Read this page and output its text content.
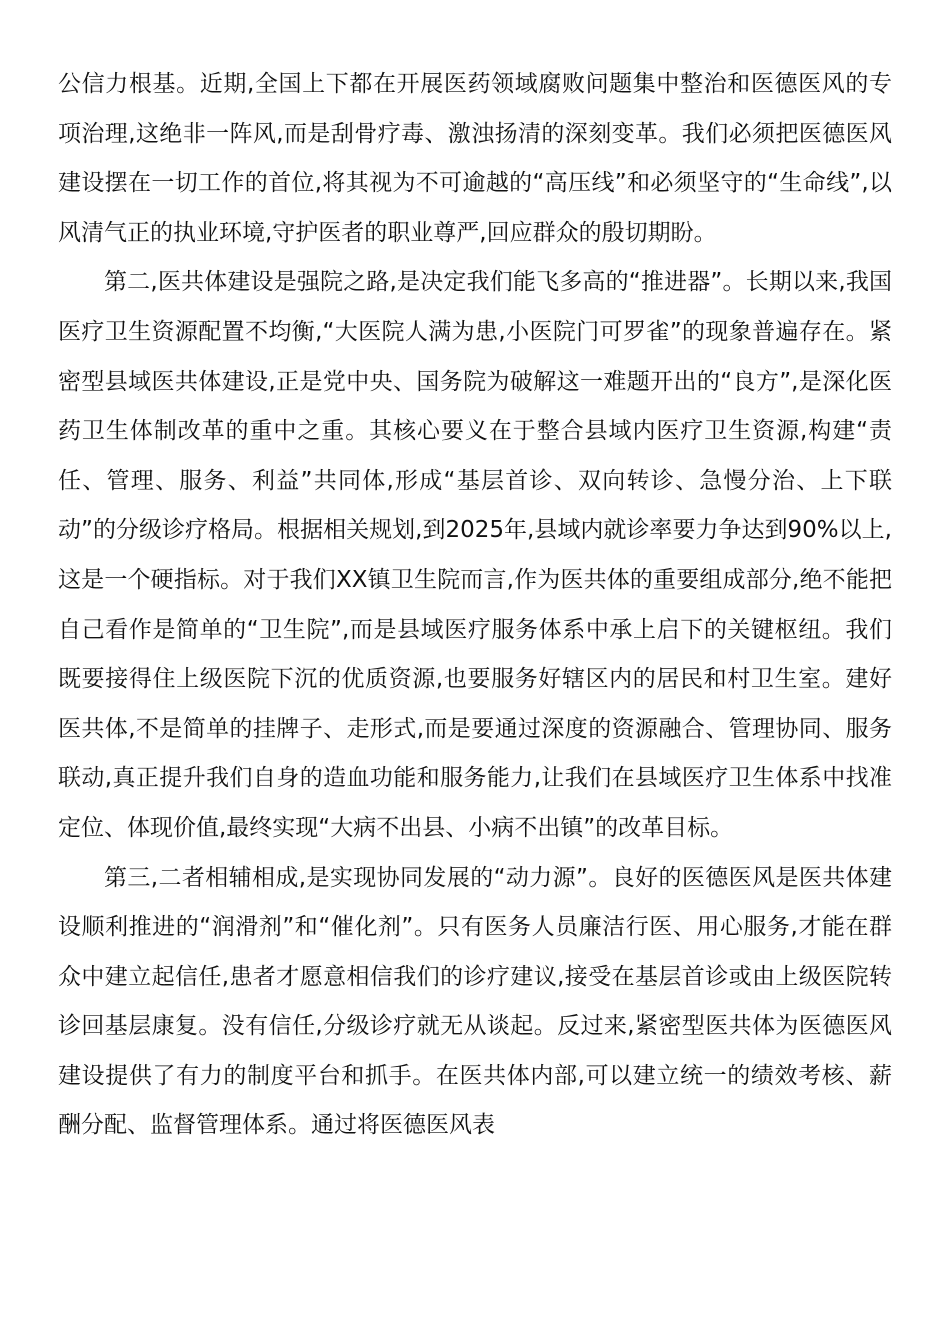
公信力根基。近期,全国上下都在开展医药领域腐败问题集中整治和医德医风的专项治理,这绝非一阵风,而是刮骨疗毒、激浊扬清的深刻变革。我们必须把医德医风建设摆在一切工作的首位,将其视为不可逾越的“高压线”和必须坚守的“生命线”,以风清气正的执业环境,守护医者的职业尊严,回应群众的殷切期盼。

第二,医共体建设是强院之路,是决定我们能飞多高的“推进器”。长期以来,我国医疗卫生资源配置不均衡,“大医院人满为患,小医院门可罗雀”的现象普遍存在。紧密型县域医共体建设,正是党中央、国务院为破解这一难题开出的“良方”,是深化医药卫生体制改革的重中之重。其核心要义在于整合县域内医疗卫生资源,构建“责任、管理、服务、利益”共同体,形成“基层首诊、双向转诊、急慢分治、上下联动”的分级诊疗格局。根据相关规划,到2025年,县域内就诊率要力争达到90%以上,这是一个硬指标。对于我们XX镇卫生院而言,作为医共体的重要组成部分,绝不能把自己看作是简单的“卫生院”,而是县域医疗服务体系中承上启下的关键枢纽。我们既要接得住上级医院下沉的优质资源,也要服务好辖区内的居民和村卫生室。建好医共体,不是简单的挂牌子、走形式,而是要通过深度的资源融合、管理协同、服务联动,真正提升我们自身的造血功能和服务能力,让我们在县域医疗卫生体系中找准定位、体现价值,最终实现“大病不出县、小病不出镇”的改革目标。

第三,二者相辅相成,是实现协同发展的“动力源”。良好的医德医风是医共体建设顺利推进的“润滑剂”和“催化剂”。只有医务人员廉洁行医、用心服务,才能在群众中建立起信任,患者才愿意相信我们的诊疗建议,接受在基层首诊或由上级医院转诊回基层康复。没有信任,分级诊疗就无从谈起。反过来,紧密型医共体为医德医风建设提供了有力的制度平台和抓手。在医共体内部,可以建立统一的绩效考核、薪酬分配、监督管理体系。通过将医德医风表
